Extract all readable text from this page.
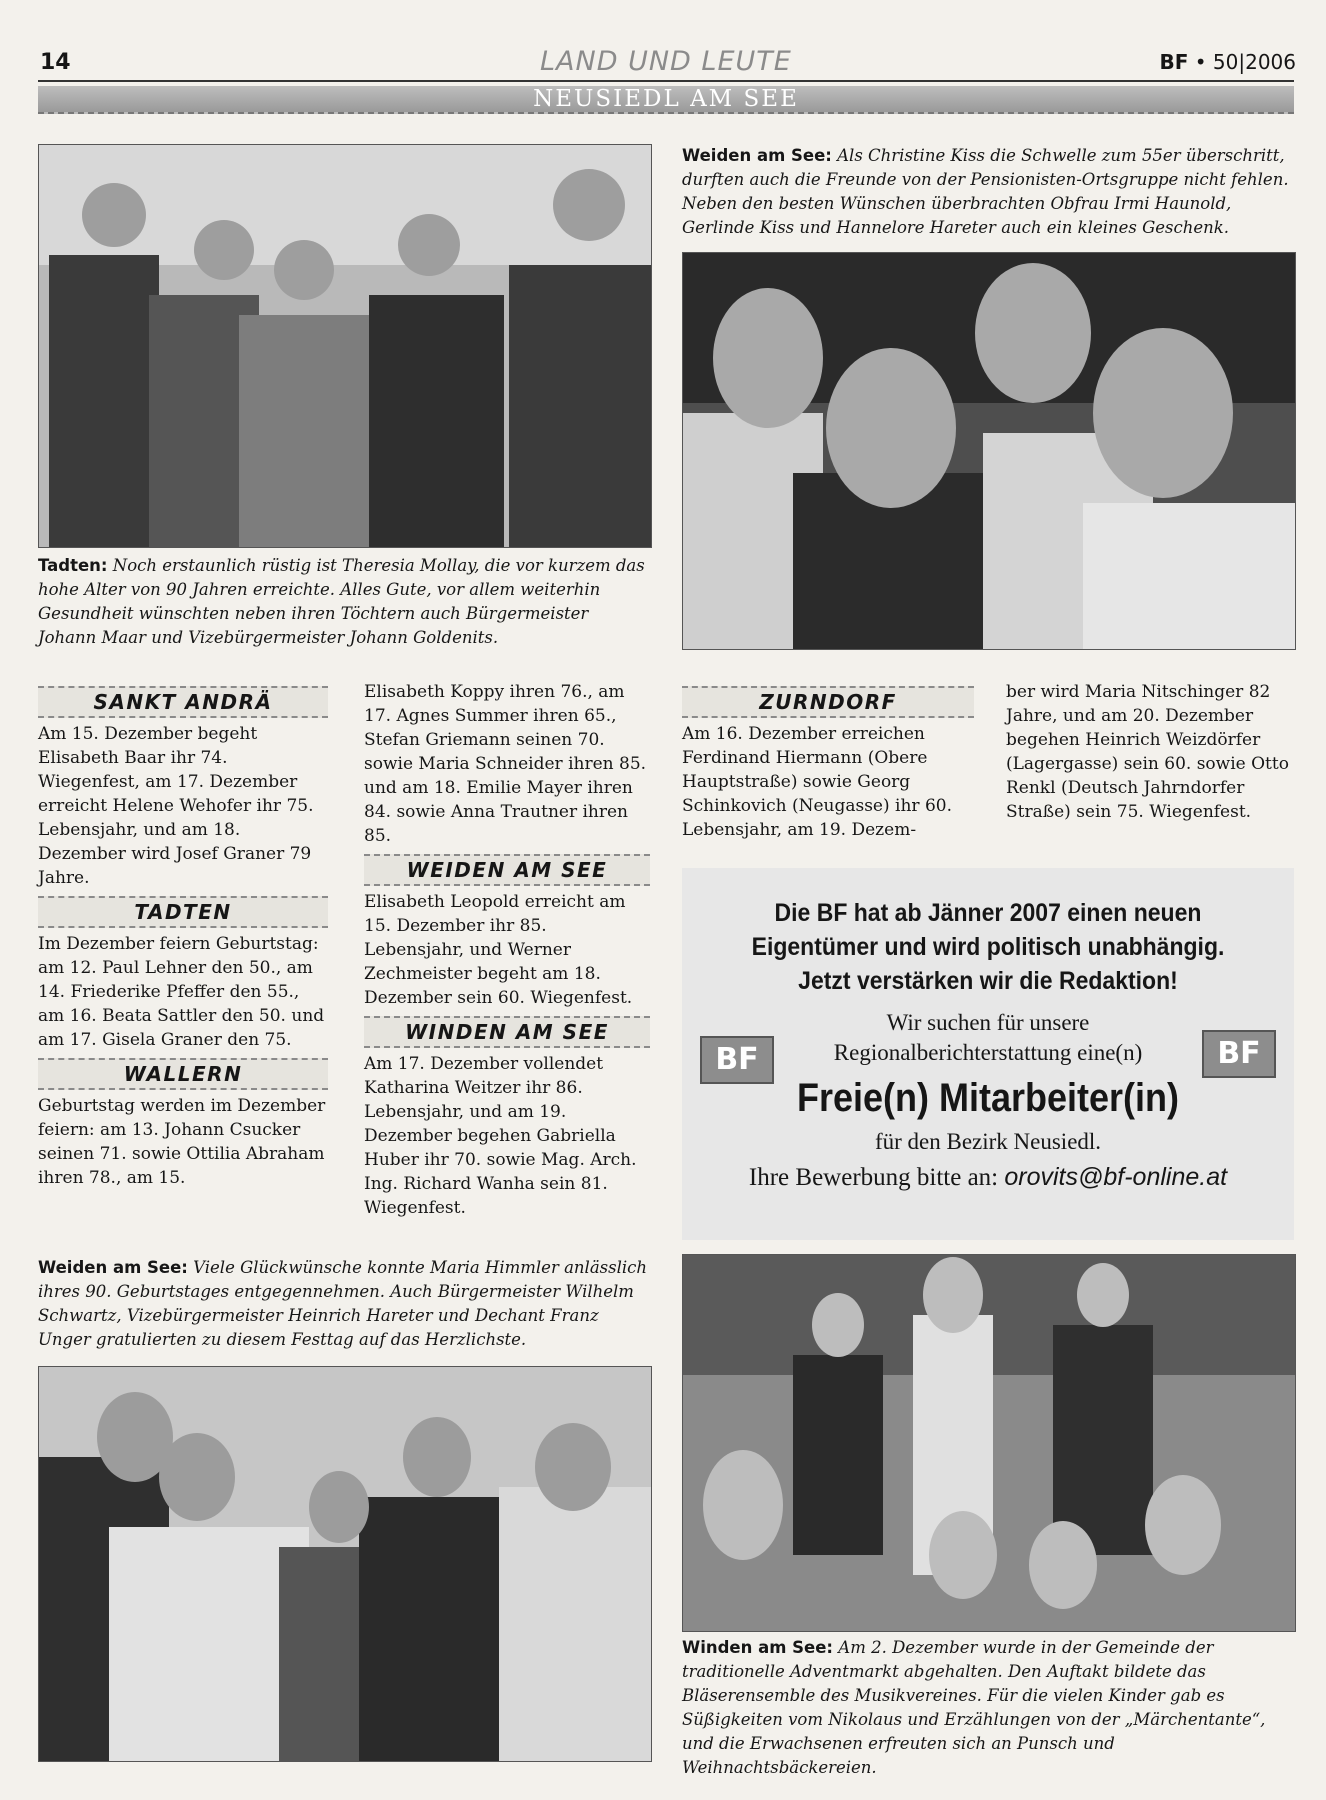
14	LAND UND LEUTE	BF • 50|2006
NEUSIEDL AM SEE
Weiden am See: Als Christine Kiss die Schwelle zum 55er überschritt, durften auch die Freunde von der Pensionisten-Ortsgruppe nicht fehlen. Neben den besten Wünschen überbrachten Obfrau Irmi Haunold, Gerlinde Kiss und Hannelore Hareter auch ein kleines Geschenk.
Tadten: Noch erstaunlich rüstig ist Theresia Mollay, die vor kurzem das hohe Alter von 90 Jahren erreichte. Alles Gute, vor allem weiterhin Gesundheit wünschten neben ihren Töchtern auch Bürgermeister Johann Maar und Vizebürgermeister Johann Goldenits.
SANKT ANDRÄ
Am 15. Dezember begeht Elisabeth Baar ihr 74. Wiegenfest, am 17. Dezember erreicht Helene Wehofer ihr 75. Lebensjahr, und am 18. Dezember wird Josef Graner 79 Jahre.
TADTEN
Im Dezember feiern Geburtstag: am 12. Paul Lehner den 50., am 14. Friederike Pfeffer den 55., am 16. Beata Sattler den 50. und am 17. Gisela Graner den 75.
WALLERN
Geburtstag werden im Dezember feiern: am 13. Johann Csucker seinen 71. sowie Ottilia Abraham ihren 78., am 15.
Elisabeth Koppy ihren 76., am 17. Agnes Summer ihren 65., Stefan Griemann seinen 70. sowie Maria Schneider ihren 85. und am 18. Emilie Mayer ihren 84. sowie Anna Trautner ihren 85.
WEIDEN AM SEE
Elisabeth Leopold erreicht am 15. Dezember ihr 85. Lebensjahr, und Werner Zechmeister begeht am 18. Dezember sein 60. Wiegenfest.
WINDEN AM SEE
Am 17. Dezember vollendet Katharina Weitzer ihr 86. Lebensjahr, und am 19. Dezember begehen Gabriella Huber ihr 70. sowie Mag. Arch. Ing. Richard Wanha sein 81. Wiegenfest.
ZURNDORF
Am 16. Dezember erreichen Ferdinand Hiermann (Obere Hauptstraße) sowie Georg Schinkovich (Neugasse) ihr 60. Lebensjahr, am 19. Dezem-
ber wird Maria Nitschinger 82 Jahre, und am 20. Dezember begehen Heinrich Weizdörfer (Lagergasse) sein 60. sowie Otto Renkl (Deutsch Jahrndorfer Straße) sein 75. Wiegenfest.
Die BF hat ab Jänner 2007 einen neuen
Eigentümer und wird politisch unabhängig.
Jetzt verstärken wir die Redaktion!
BF	BF
Wir suchen für unsere
Regionalberichterstattung eine(n)
Freie(n) Mitarbeiter(in)
für den Bezirk Neusiedl.
Ihre Bewerbung bitte an: orovits@bf-online.at
Weiden am See: Viele Glückwünsche konnte Maria Himmler anlässlich ihres 90. Geburtstages entgegennehmen. Auch Bürgermeister Wilhelm Schwartz, Vizebürgermeister Heinrich Hareter und Dechant Franz Unger gratulierten zu diesem Festtag auf das Herzlichste.
Winden am See: Am 2. Dezember wurde in der Gemeinde der traditionelle Adventmarkt abgehalten. Den Auftakt bildete das Bläserensemble des Musikvereines. Für die vielen Kinder gab es Süßigkeiten vom Nikolaus und Erzählungen von der „Märchentante“, und die Erwachsenen erfreuten sich an Punsch und Weihnachtsbäckereien.
